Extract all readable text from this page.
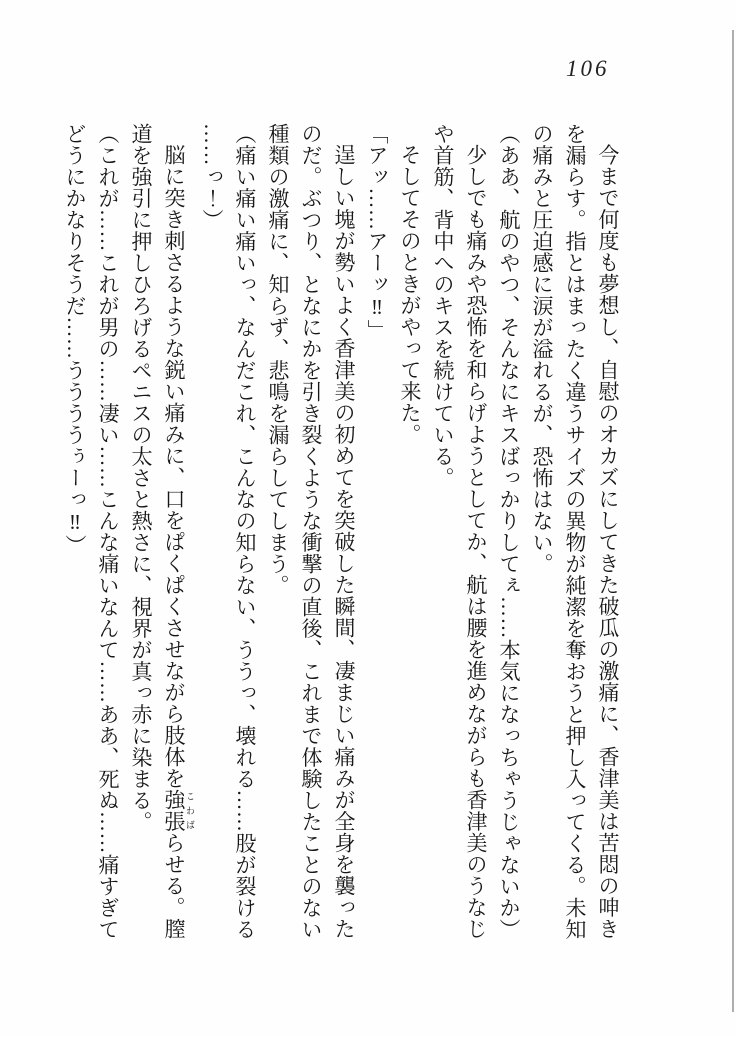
106

今まで何度も夢想し、自慰のオカズにしてきた破瓜の激痛に、香津美は苦悶の呻き

を漏らす。指とはまったく違うサイズの異物が純潔を奪おうと押し入ってくる。未知

の痛みと圧迫感に涙が溢れるが、恐怖はない。

（ああ、航のやつ、そんなにキスばっかりしてぇ……本気になっちゃうじゃないか）

少しでも痛みや恐怖を和らげようとしてか、航は腰を進めながらも香津美のうなじ

や首筋、背中へのキスを続けている。

そしてそのときがやって来た。

「アッ……アーッ‼」

逞しい塊が勢いよく香津美の初めてを突破した瞬間、凄まじい痛みが全身を襲った

のだ。ぶつり、となにかを引き裂くような衝撃の直後、これまで体験したことのない

種類の激痛に、知らず、悲鳴を漏らしてしまう。

（痛い痛い痛いっ、なんだこれ、こんなの知らない、ううっ、壊れる……股が裂ける

……っ！）

脳に突き刺さるような鋭い痛みに、口をぱくぱくさせながら肢体を強張 こわばらせる。膣

道を強引に押しひろげるペニスの太さと熱さに、視界が真っ赤に染まる。

（これが……これが男の……凄い……こんな痛いなんて……ああ、死ぬ……痛すぎて

どうにかなりそうだ……ううううぅーっ‼）
